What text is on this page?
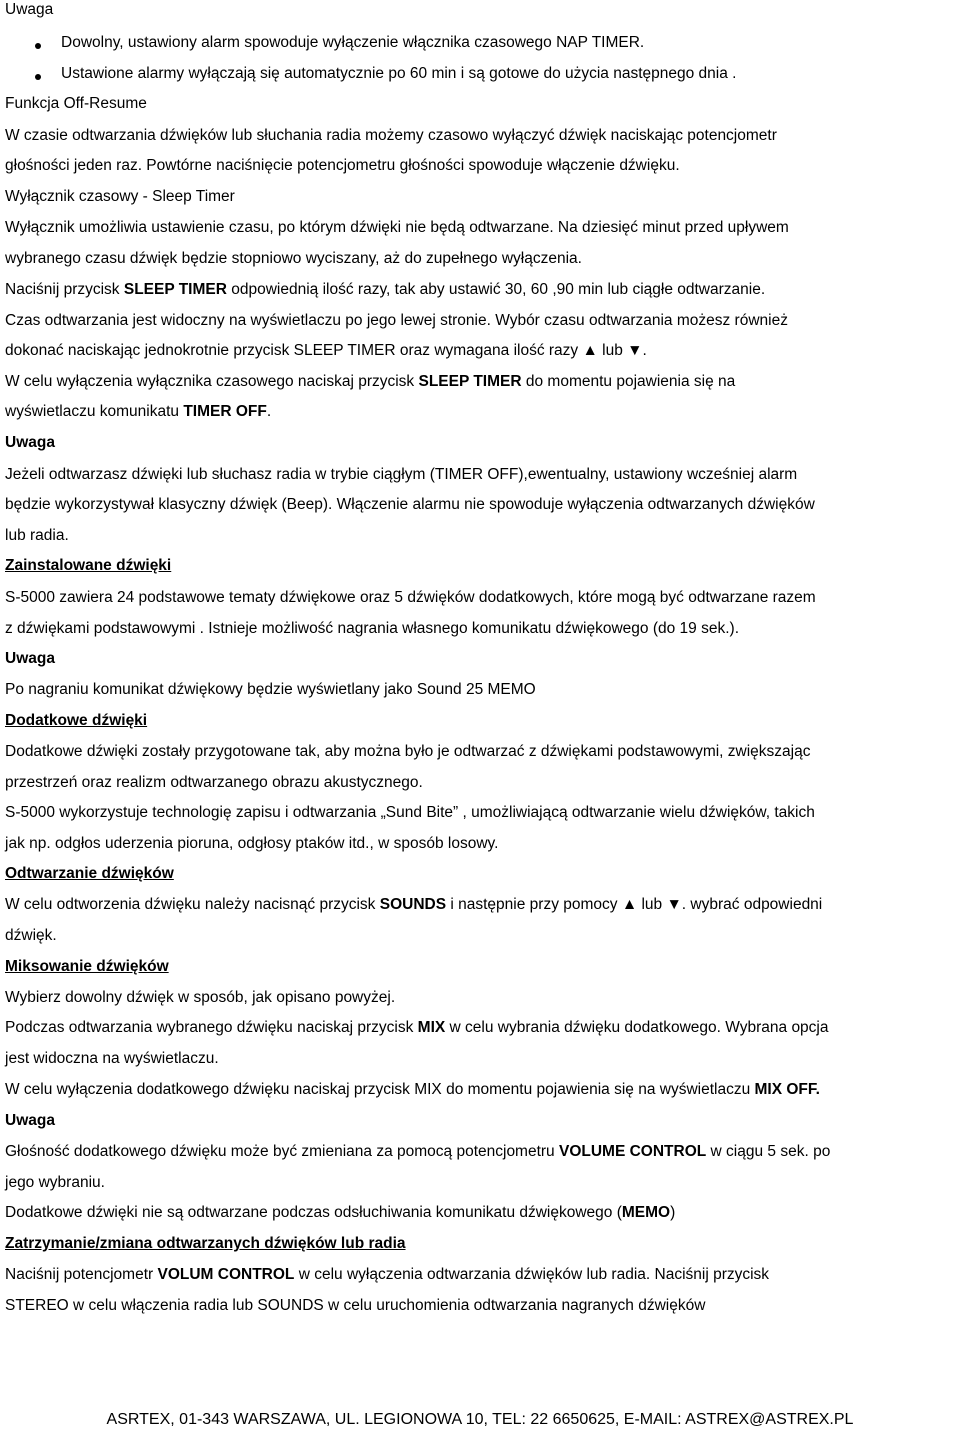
Uwaga
Dowolny, ustawiony alarm spowoduje wyłączenie włącznika czasowego NAP TIMER.
Ustawione alarmy wyłączają się automatycznie po 60 min i są gotowe do użycia następnego dnia .
Funkcja Off-Resume
W czasie odtwarzania dźwięków lub słuchania radia możemy czasowo wyłączyć dźwięk naciskając potencjometr
głośności jeden raz. Powtórne naciśnięcie potencjometru głośności spowoduje włączenie dźwięku.
Wyłącznik czasowy - Sleep Timer
Wyłącznik umożliwia ustawienie czasu, po którym dźwięki nie będą odtwarzane. Na dziesięć minut przed upływem
wybranego czasu dźwięk będzie stopniowo wyciszany, aż do zupełnego wyłączenia.
Naciśnij przycisk SLEEP TIMER odpowiednią ilość razy, tak aby ustawić 30, 60 ,90 min lub ciągłe odtwarzanie.
Czas odtwarzania jest widoczny na wyświetlaczu po jego lewej stronie. Wybór czasu odtwarzania możesz również
dokonać naciskając jednokrotnie przycisk SLEEP TIMER oraz wymagana ilość razy ▲ lub ▼.
W celu wyłączenia wyłącznika czasowego naciskaj przycisk SLEEP TIMER do momentu pojawienia się na
wyświetlaczu komunikatu TIMER OFF.
Uwaga
Jeżeli odtwarzasz dźwięki lub słuchasz radia w trybie ciągłym (TIMER OFF),ewentualny, ustawiony wcześniej alarm
będzie wykorzystywał klasyczny dźwięk (Beep). Włączenie alarmu nie spowoduje wyłączenia odtwarzanych dźwięków
lub radia.
Zainstalowane dźwięki
S-5000 zawiera 24 podstawowe tematy dźwiękowe oraz 5 dźwięków dodatkowych, które mogą być odtwarzane razem
z dźwiękami podstawowymi . Istnieje możliwość nagrania własnego komunikatu dźwiękowego (do 19 sek.).
Uwaga
Po nagraniu komunikat dźwiękowy będzie wyświetlany jako Sound 25 MEMO
Dodatkowe dźwięki
Dodatkowe dźwięki zostały przygotowane tak, aby można było je odtwarzać z dźwiękami podstawowymi, zwiększając
przestrzeń oraz realizm odtwarzanego obrazu akustycznego.
S-5000 wykorzystuje technologię zapisu i odtwarzania „Sund Bite” , umożliwiającą odtwarzanie wielu dźwięków, takich
jak np. odgłos uderzenia pioruna, odgłosy ptaków itd., w sposób losowy.
Odtwarzanie dźwięków
W celu odtworzenia dźwięku należy nacisnąć przycisk SOUNDS i następnie przy pomocy ▲ lub ▼. wybrać odpowiedni
dźwięk.
Miksowanie dźwięków
Wybierz dowolny dźwięk w sposób, jak opisano powyżej.
Podczas odtwarzania wybranego dźwięku naciskaj przycisk MIX w celu wybrania dźwięku dodatkowego. Wybrana opcja
jest widoczna na wyświetlaczu.
W celu wyłączenia dodatkowego dźwięku naciskaj przycisk MIX do momentu pojawienia się na wyświetlaczu MIX OFF.
Uwaga
Głośność dodatkowego dźwięku może być zmieniana za pomocą potencjometru VOLUME CONTROL w ciągu 5 sek. po
jego wybraniu.
Dodatkowe dźwięki nie są odtwarzane podczas odsłuchiwania komunikatu dźwiękowego (MEMO)
Zatrzymanie/zmiana odtwarzanych dźwięków lub radia
Naciśnij potencjometr VOLUM CONTROL w celu wyłączenia odtwarzania dźwięków lub radia. Naciśnij przycisk
STEREO w celu włączenia radia lub SOUNDS w celu uruchomienia odtwarzania nagranych dźwięków
ASRTEX, 01-343 WARSZAWA, UL. LEGIONOWA 10, TEL: 22 6650625, E-MAIL: ASTREX@ASTREX.PL
